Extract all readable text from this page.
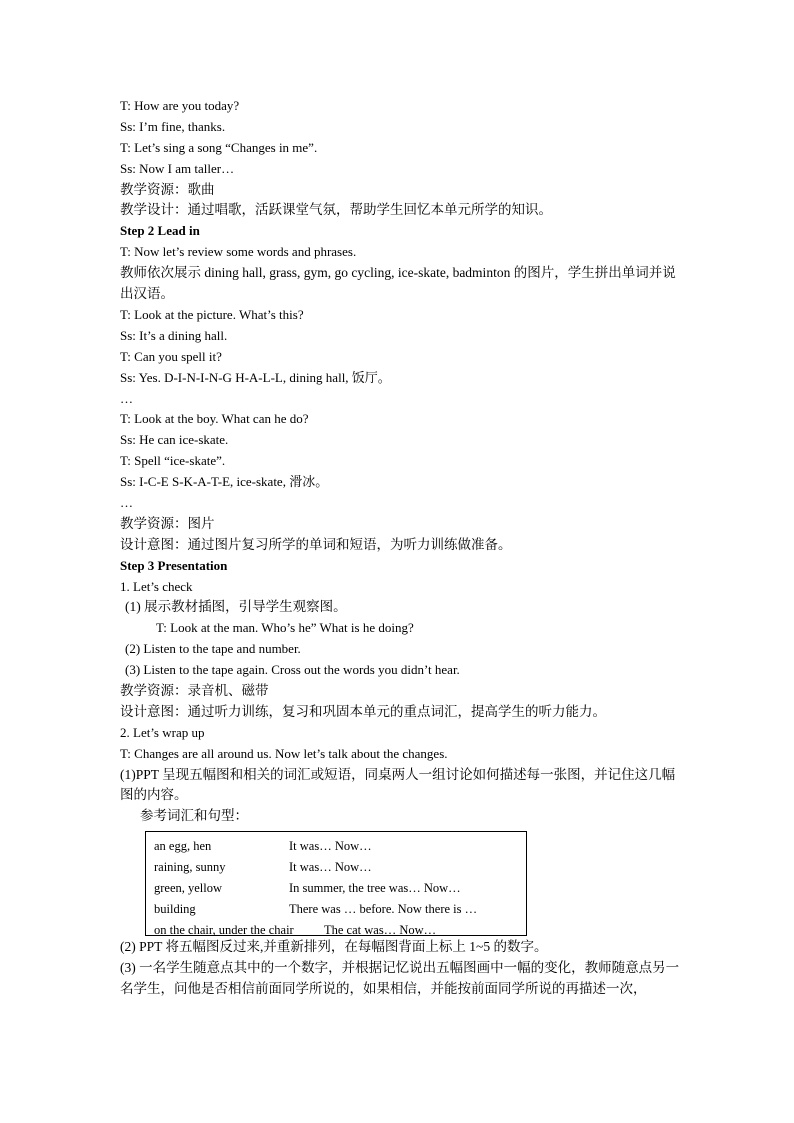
T: How are you today?
Ss: I’m fine, thanks.
T: Let’s sing a song “Changes in me”.
Ss: Now I am taller…
教学资源：歌曲
教学设计：通过唱歌，活跃课堂气氛，帮助学生回忆本单元所学的知识。
Step 2 Lead in
T: Now let’s review some words and phrases.
教师依次展示 dining hall, grass, gym, go cycling, ice-skate, badminton 的图片，学生拼出单词并说出汉语。
T: Look at the picture. What’s this?
Ss: It’s a dining hall.
T: Can you spell it?
Ss: Yes. D-I-N-I-N-G H-A-L-L, dining hall, 饭厅。
…
T: Look at the boy. What can he do?
Ss: He can ice-skate.
T: Spell “ice-skate”.
Ss: I-C-E S-K-A-T-E, ice-skate, 滑冰。
…
教学资源：图片
设计意图：通过图片复习所学的单词和短语，为听力训练做准备。
Step 3 Presentation
1. Let’s check
(1) 展示教材插图，引导学生观察图。
T: Look at the man. Who’s he” What is he doing?
(2) Listen to the tape and number.
(3) Listen to the tape again. Cross out the words you didn’t hear.
教学资源：录音机、磁带
设计意图：通过听力训练，复习和巩固本单元的重点词汇，提高学生的听力能力。
2. Let’s wrap up
T: Changes are all around us. Now let’s talk about the changes.
(1)PPT 呈现五幅图和相关的词汇或短语，同桌两人一组讨论如何描述每一张图，并记住这几幅图的内容。
参考词汇和句型：
an egg, hen	It was… Now…
raining, sunny	It was… Now…
green, yellow	In summer, the tree was… Now…
building	There was … before. Now there is …
on the chair, under the chair	The cat was… Now…
(2) PPT 将五幅图反过来,并重新排列，在每幅图背面上标上 1~5 的数字。
(3) 一名学生随意点其中的一个数字，并根据记忆说出五幅图画中一幅的变化，教师随意点另一名学生，问他是否相信前面同学所说的，如果相信，并能按前面同学所说的再描述一次，
